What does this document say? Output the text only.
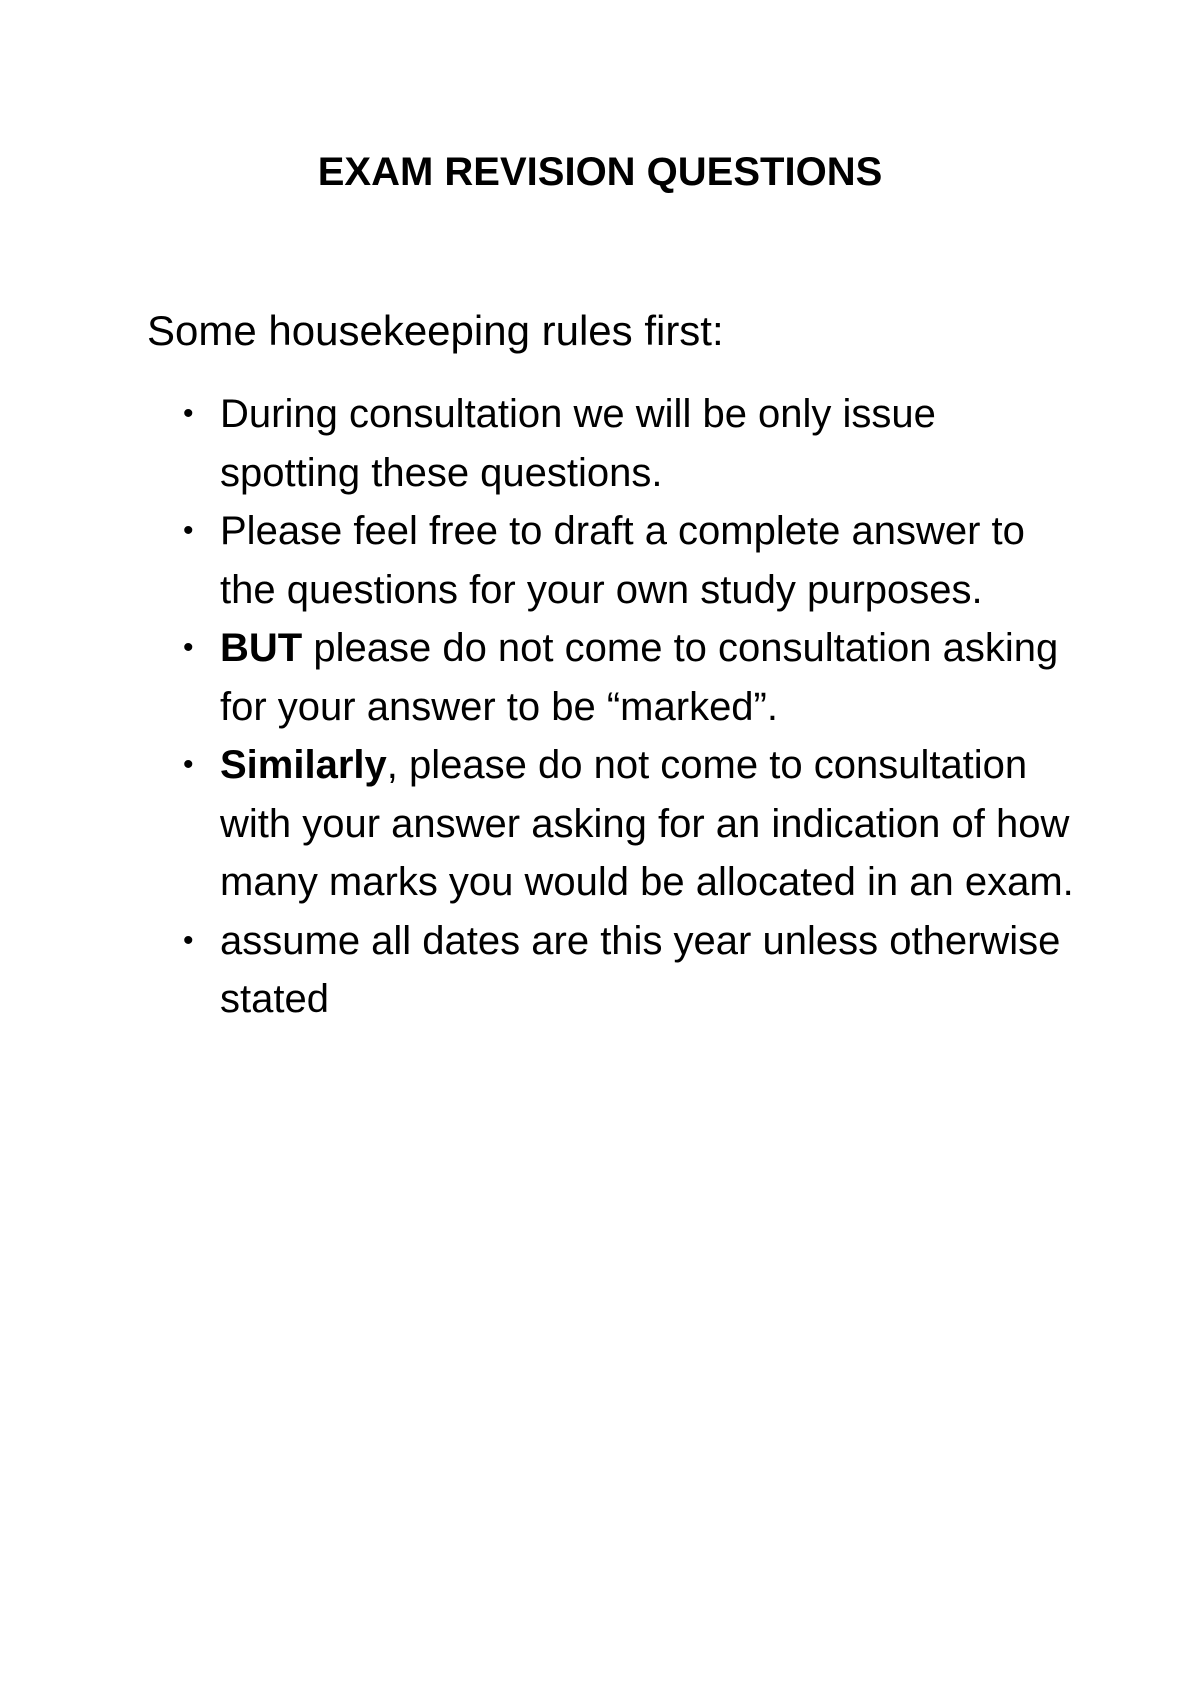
EXAM REVISION QUESTIONS

Some housekeeping rules first:

• During consultation we will be only issue spotting these questions.
• Please feel free to draft a complete answer to the questions for your own study purposes.
• BUT please do not come to consultation asking for your answer to be “marked”.
• Similarly, please do not come to consultation with your answer asking for an indication of how many marks you would be allocated in an exam.
• assume all dates are this year unless otherwise stated
